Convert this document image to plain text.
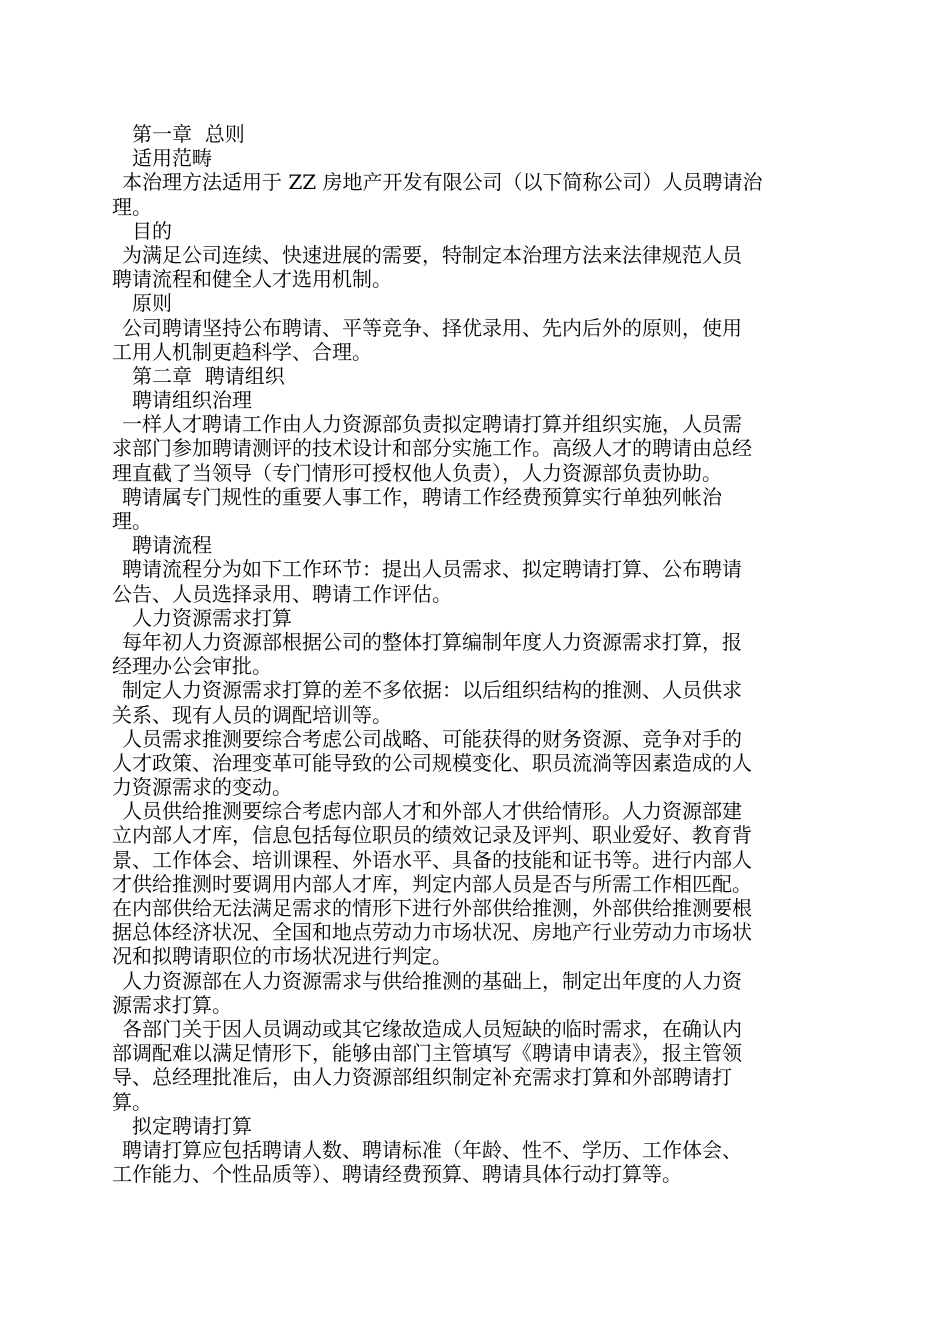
第一章  总则
适用范畴
本治理方法适用于 ZZ 房地产开发有限公司（以下简称公司）人员聘请治
理。
目的
为满足公司连续、快速进展的需要，特制定本治理方法来法律规范人员
聘请流程和健全人才选用机制。
原则
公司聘请坚持公布聘请、平等竞争、择优录用、先内后外的原则，使用
工用人机制更趋科学、合理。
第二章  聘请组织
聘请组织治理
一样人才聘请工作由人力资源部负责拟定聘请打算并组织实施，人员需
求部门参加聘请测评的技术设计和部分实施工作。高级人才的聘请由总经
理直截了当领导（专门情形可授权他人负责），人力资源部负责协助。
聘请属专门规性的重要人事工作，聘请工作经费预算实行单独列帐治
理。
聘请流程
聘请流程分为如下工作环节：提出人员需求、拟定聘请打算、公布聘请
公告、人员选择录用、聘请工作评估。
人力资源需求打算
每年初人力资源部根据公司的整体打算编制年度人力资源需求打算，报
经理办公会审批。
制定人力资源需求打算的差不多依据：以后组织结构的推测、人员供求
关系、现有人员的调配培训等。
人员需求推测要综合考虑公司战略、可能获得的财务资源、竞争对手的
人才政策、治理变革可能导致的公司规模变化、职员流淌等因素造成的人
力资源需求的变动。
人员供给推测要综合考虑内部人才和外部人才供给情形。人力资源部建
立内部人才库，信息包括每位职员的绩效记录及评判、职业爱好、教育背
景、工作体会、培训课程、外语水平、具备的技能和证书等。进行内部人
才供给推测时要调用内部人才库，判定内部人员是否与所需工作相匹配。
在内部供给无法满足需求的情形下进行外部供给推测，外部供给推测要根
据总体经济状况、全国和地点劳动力市场状况、房地产行业劳动力市场状
况和拟聘请职位的市场状况进行判定。
人力资源部在人力资源需求与供给推测的基础上，制定出年度的人力资
源需求打算。
各部门关于因人员调动或其它缘故造成人员短缺的临时需求，在确认内
部调配难以满足情形下，能够由部门主管填写《聘请申请表》，报主管领
导、总经理批准后，由人力资源部组织制定补充需求打算和外部聘请打
算。
拟定聘请打算
聘请打算应包括聘请人数、聘请标准（年龄、性不、学历、工作体会、
工作能力、个性品质等）、聘请经费预算、聘请具体行动打算等。
